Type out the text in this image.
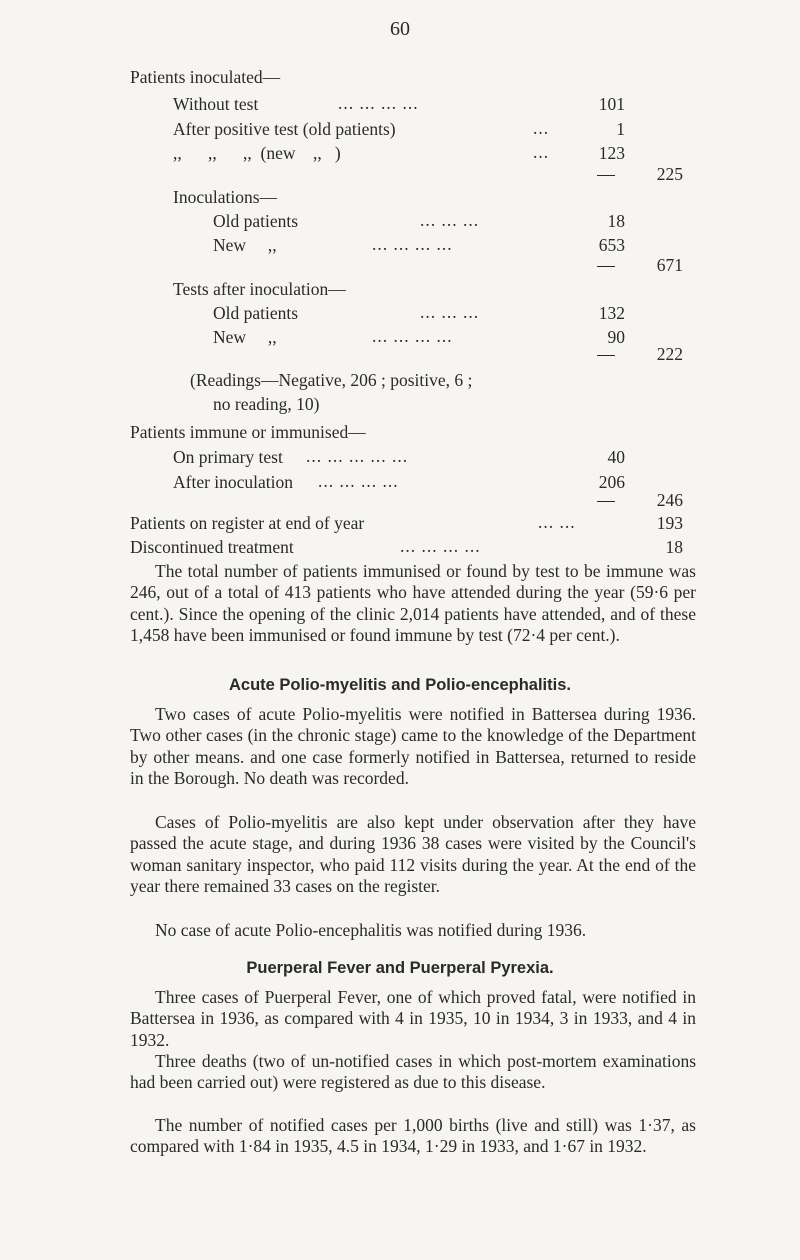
60
Patients inoculated—
Without test	... ... ... ...	101
After positive test (old patients)	...	1
,,      ,,      ,,  (new    ,,   )	...	123
225
Inoculations—
Old patients	... ... ...	18
New     ,,	... ... ... ...	653
671
Tests after inoculation—
Old patients	... ... ...	132
New     ,,	... ... ... ...	90
222
(Readings—Negative, 206 ; positive, 6 ;
no reading, 10)
Patients immune or immunised—
On primary test ... ... ... ... ...	40
After inoculation ... ... ... ...	206
246
Patients on register at end of year	... ...	193
Discontinued treatment	... ... ... ...	18

The total number of patients immunised or found by test to be immune was 246, out of a total of 413 patients who have attended during the year (59·6 per cent.). Since the opening of the clinic 2,014 patients have attended, and of these 1,458 have been immunised or found immune by test (72·4 per cent.).

Acute Polio-myelitis and Polio-encephalitis.

Two cases of acute Polio-myelitis were notified in Battersea during 1936. Two other cases (in the chronic stage) came to the knowledge of the Department by other means. and one case formerly notified in Battersea, returned to reside in the Borough. No death was recorded.

Cases of Polio-myelitis are also kept under observation after they have passed the acute stage, and during 1936 38 cases were visited by the Council's woman sanitary inspector, who paid 112 visits during the year. At the end of the year there remained 33 cases on the register.

No case of acute Polio-encephalitis was notified during 1936.

Puerperal Fever and Puerperal Pyrexia.

Three cases of Puerperal Fever, one of which proved fatal, were notified in Battersea in 1936, as compared with 4 in 1935, 10 in 1934, 3 in 1933, and 4 in 1932.

Three deaths (two of un-notified cases in which post-mortem examinations had been carried out) were registered as due to this disease.

The number of notified cases per 1,000 births (live and still) was 1·37, as compared with 1·84 in 1935, 4.5 in 1934, 1·29 in 1933, and 1·67 in 1932.
